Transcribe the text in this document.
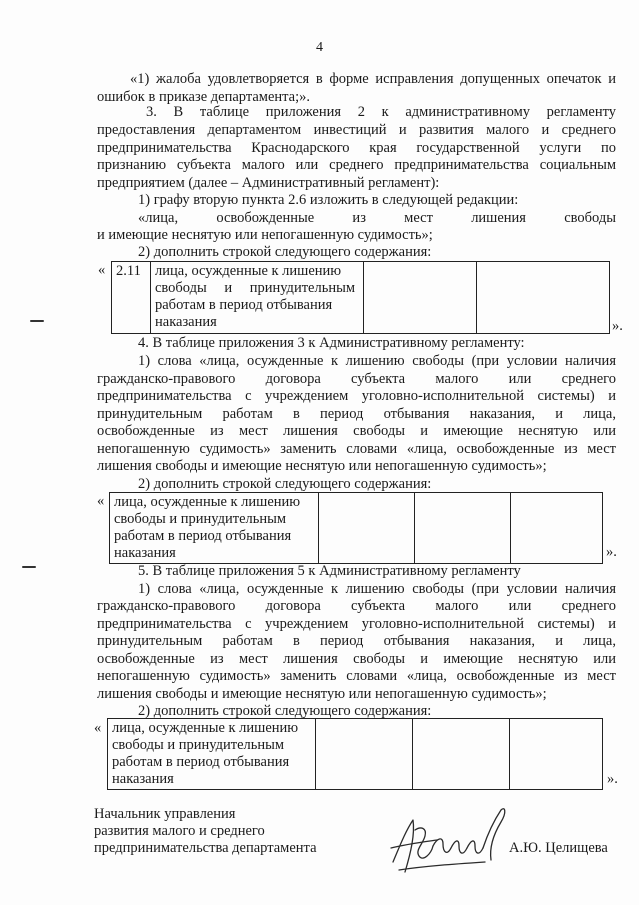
4
«1) жалоба удовлетворяется в форме исправления допущенных опечаток и
ошибок в приказе департамента;».
3. В таблице приложения 2 к административному регламенту
предоставления департаментом инвестиций и развития малого и среднего
предпринимательства Краснодарского края государственной услуги по
признанию субъекта малого или среднего предпринимательства социальным
предприятием (далее – Административный регламент):
1) графу вторую пункта 2.6 изложить в следующей редакции:
«лица, освобожденные из мест лишения свободы
и имеющие неснятую или непогашенную судимость»;
2) дополнить строкой следующего содержания:
« 2.11	лица, осужденные к лишению
свободы и принудительным
работам в период отбывания
наказания
			».
4. В таблице приложения 3 к Административному регламенту:
1) слова «лица, осужденные к лишению свободы (при условии наличия
гражданско-правового договора субъекта малого или среднего
предпринимательства с учреждением уголовно-исполнительной системы) и
принудительным работам в период отбывания наказания, и лица,
освобожденные из мест лишения свободы и имеющие неснятую или
непогашенную судимость» заменить словами «лица, освобожденные из мест
лишения свободы и имеющие неснятую или непогашенную судимость»;
2) дополнить строкой следующего содержания:
« лица, осужденные к лишению
свободы и принудительным
работам в период отбывания
наказания
				».
5. В таблице приложения 5 к Административному регламенту
1) слова «лица, осужденные к лишению свободы (при условии наличия
гражданско-правового договора субъекта малого или среднего
предпринимательства с учреждением уголовно-исполнительной системы) и
принудительным работам в период отбывания наказания, и лица,
освобожденные из мест лишения свободы и имеющие неснятую или
непогашенную судимость» заменить словами «лица, освобожденные из мест
лишения свободы и имеющие неснятую или непогашенную судимость»;
2) дополнить строкой следующего содержания:
« лица, осужденные к лишению
свободы и принудительным
работам в период отбывания
наказания
				».
Начальник управления
развития малого и среднего
предпринимательства департамента	А.Ю. Целищева
